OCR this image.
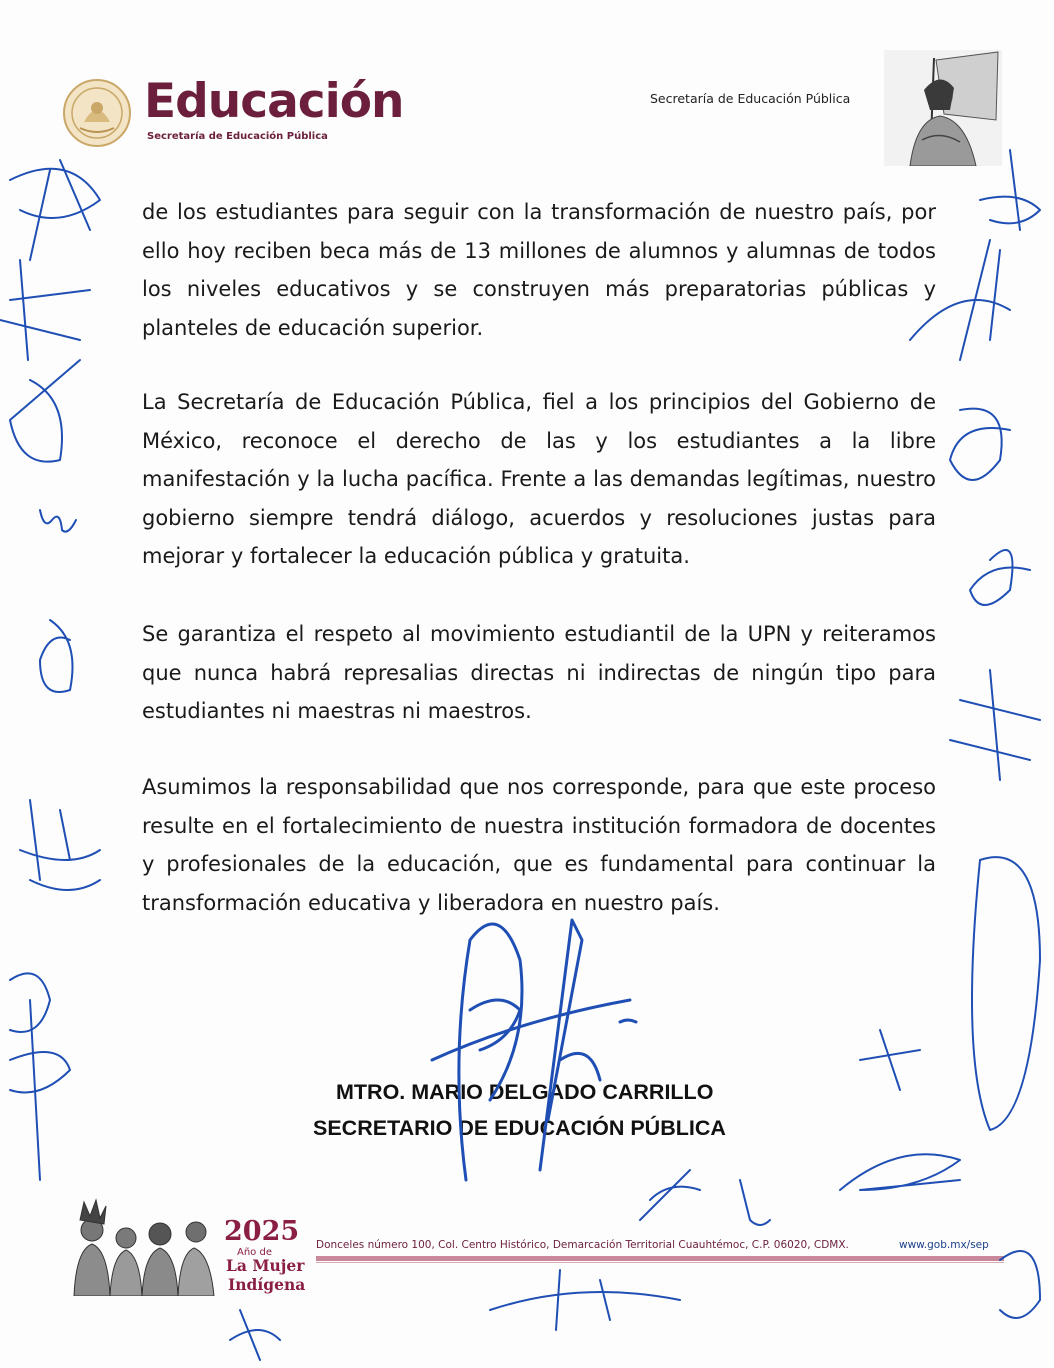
Educación
Secretaría de Educación Pública
Secretaría de Educación Pública
de los estudiantes para seguir con la transformación de nuestro país, por ello hoy reciben beca más de 13 millones de alumnos y alumnas de todos los niveles educativos y se construyen más preparatorias públicas y planteles de educación superior.
La Secretaría de Educación Pública, fiel a los principios del Gobierno de México, reconoce el derecho de las y los estudiantes a la libre manifestación y la lucha pacífica. Frente a las demandas legítimas, nuestro gobierno siempre tendrá diálogo, acuerdos y resoluciones justas para mejorar y fortalecer la educación pública y gratuita.
Se garantiza el respeto al movimiento estudiantil de la UPN y reiteramos que nunca habrá represalias directas ni indirectas de ningún tipo para estudiantes ni maestras ni maestros.
Asumimos la responsabilidad que nos corresponde, para que este proceso resulte en el fortalecimiento de nuestra institución formadora de docentes y profesionales de la educación, que es fundamental para continuar la transformación educativa y liberadora en nuestro país.
MTRO. MARIO DELGADO CARRILLO
SECRETARIO DE EDUCACIÓN PÚBLICA
2025
Año de
La Mujer
Indígena
Donceles número 100, Col. Centro Histórico, Demarcación Territorial Cuauhtémoc, C.P. 06020, CDMX.	www.gob.mx/sep
